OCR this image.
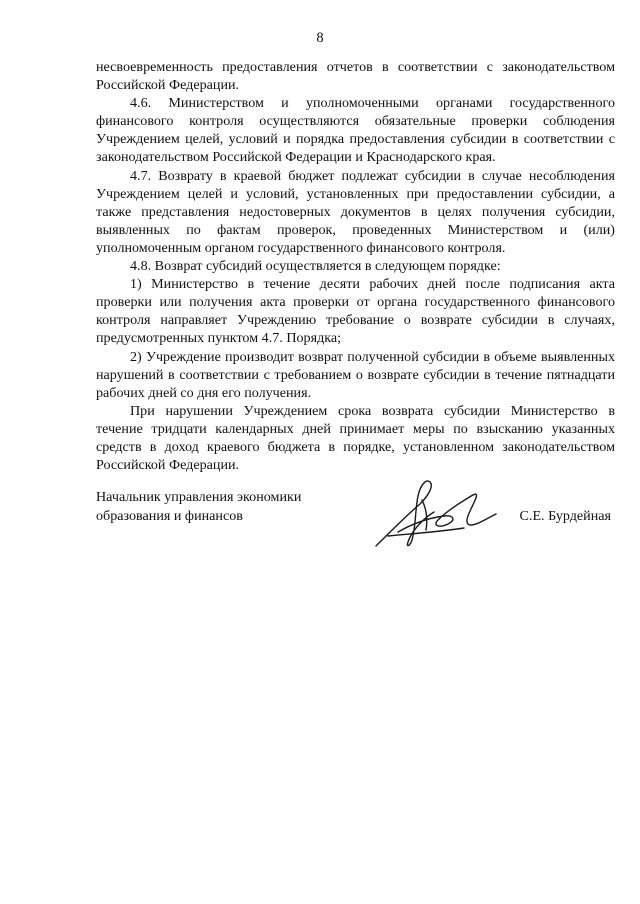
8

несвоевременность предоставления отчетов в соответствии с законодательством Российской Федерации.

4.6. Министерством и уполномоченными органами государственного финансового контроля осуществляются обязательные проверки соблюдения Учреждением целей, условий и порядка предоставления субсидии в соответствии с законодательством Российской Федерации и Краснодарского края.

4.7. Возврату в краевой бюджет подлежат субсидии в случае несоблюдения Учреждением целей и условий, установленных при предоставлении субсидии, а также представления недостоверных документов в целях получения субсидии, выявленных по фактам проверок, проведенных Министерством и (или) уполномоченным органом государственного финансового контроля.

4.8. Возврат субсидий осуществляется в следующем порядке:

1) Министерство в течение десяти рабочих дней после подписания акта проверки или получения акта проверки от органа государственного финансового контроля направляет Учреждению требование о возврате субсидии в случаях, предусмотренных пунктом 4.7. Порядка;

2) Учреждение производит возврат полученной субсидии в объеме выявленных нарушений в соответствии с требованием о возврате субсидии в течение пятнадцати рабочих дней со дня его получения.

При нарушении Учреждением срока возврата субсидии Министерство в течение тридцати календарных дней принимает меры по взысканию указанных средств в доход краевого бюджета в порядке, установленном законодательством Российской Федерации.

Начальник управления экономики
образования и финансов	С.Е. Бурдейная
